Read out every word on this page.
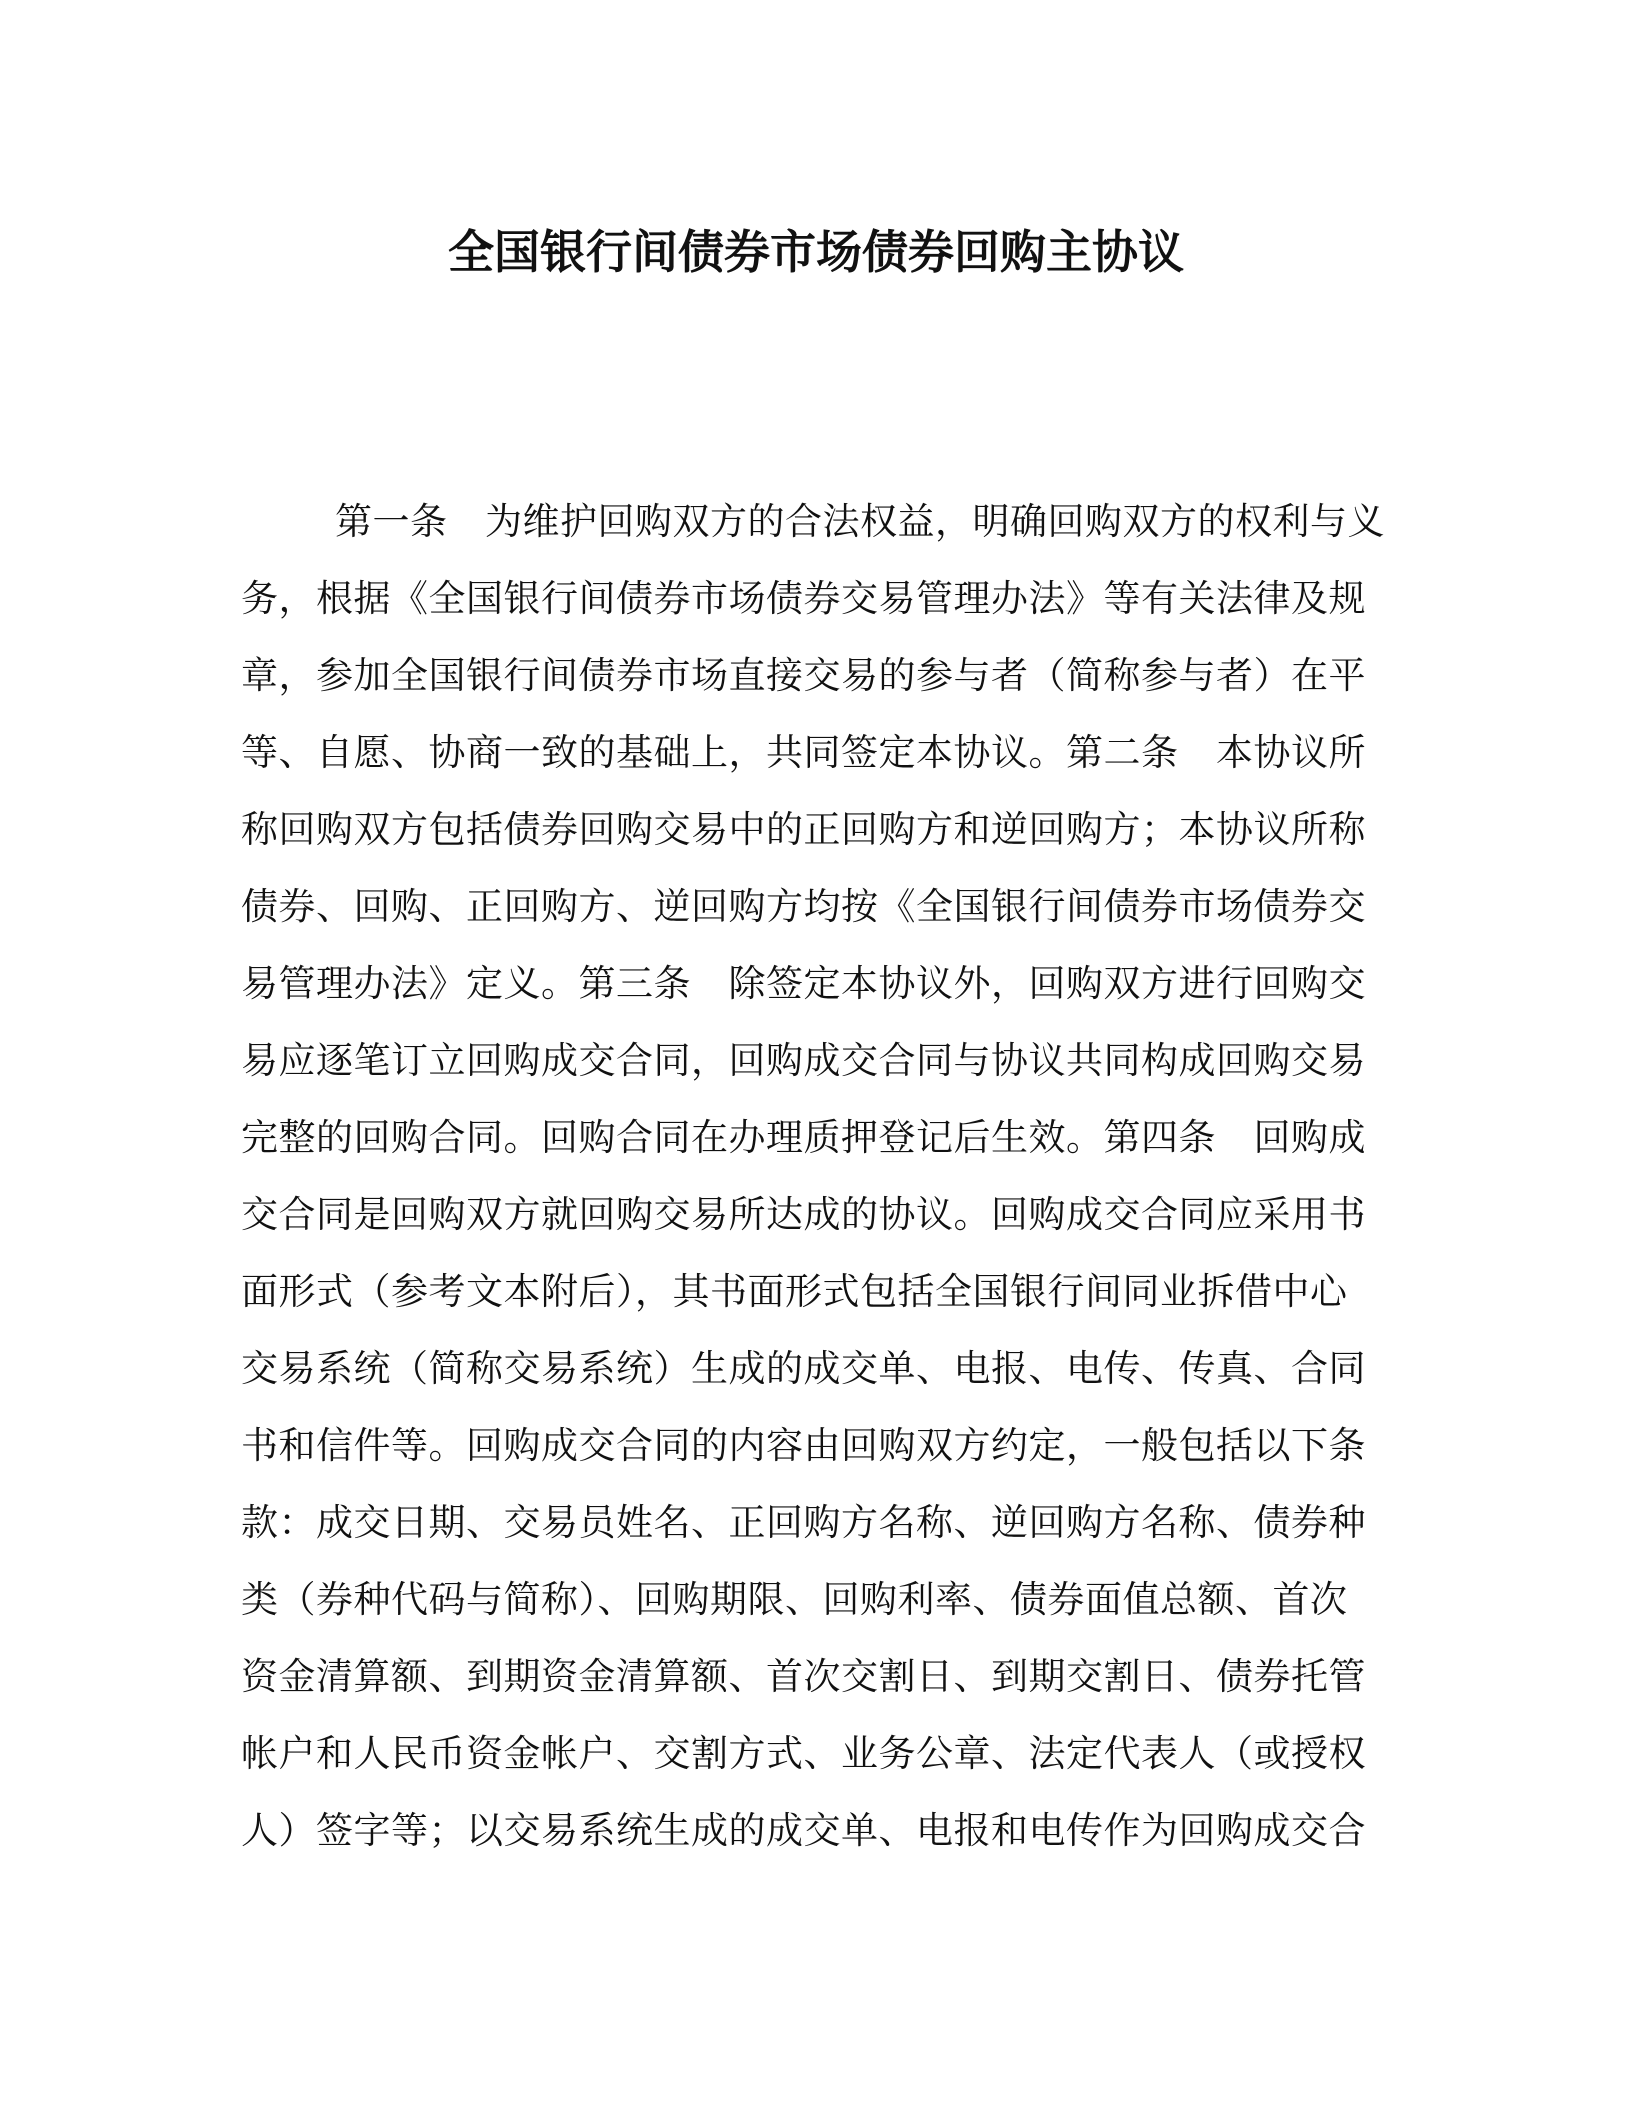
全国银行间债券市场债券回购主协议
第一条　为维护回购双方的合法权益，明确回购双方的权利与义
务，根据《全国银行间债券市场债券交易管理办法》等有关法律及规
章，参加全国银行间债券市场直接交易的参与者（简称参与者）在平
等、自愿、协商一致的基础上，共同签定本协议。第二条　本协议所
称回购双方包括债券回购交易中的正回购方和逆回购方；本协议所称
债券、回购、正回购方、逆回购方均按《全国银行间债券市场债券交
易管理办法》定义。第三条　除签定本协议外，回购双方进行回购交
易应逐笔订立回购成交合同，回购成交合同与协议共同构成回购交易
完整的回购合同。回购合同在办理质押登记后生效。第四条　回购成
交合同是回购双方就回购交易所达成的协议。回购成交合同应采用书
面形式（参考文本附后），其书面形式包括全国银行间同业拆借中心
交易系统（简称交易系统）生成的成交单、电报、电传、传真、合同
书和信件等。回购成交合同的内容由回购双方约定，一般包括以下条
款：成交日期、交易员姓名、正回购方名称、逆回购方名称、债券种
类（券种代码与简称）、回购期限、回购利率、债券面值总额、首次
资金清算额、到期资金清算额、首次交割日、到期交割日、债券托管
帐户和人民币资金帐户、交割方式、业务公章、法定代表人（或授权
人）签字等；以交易系统生成的成交单、电报和电传作为回购成交合
